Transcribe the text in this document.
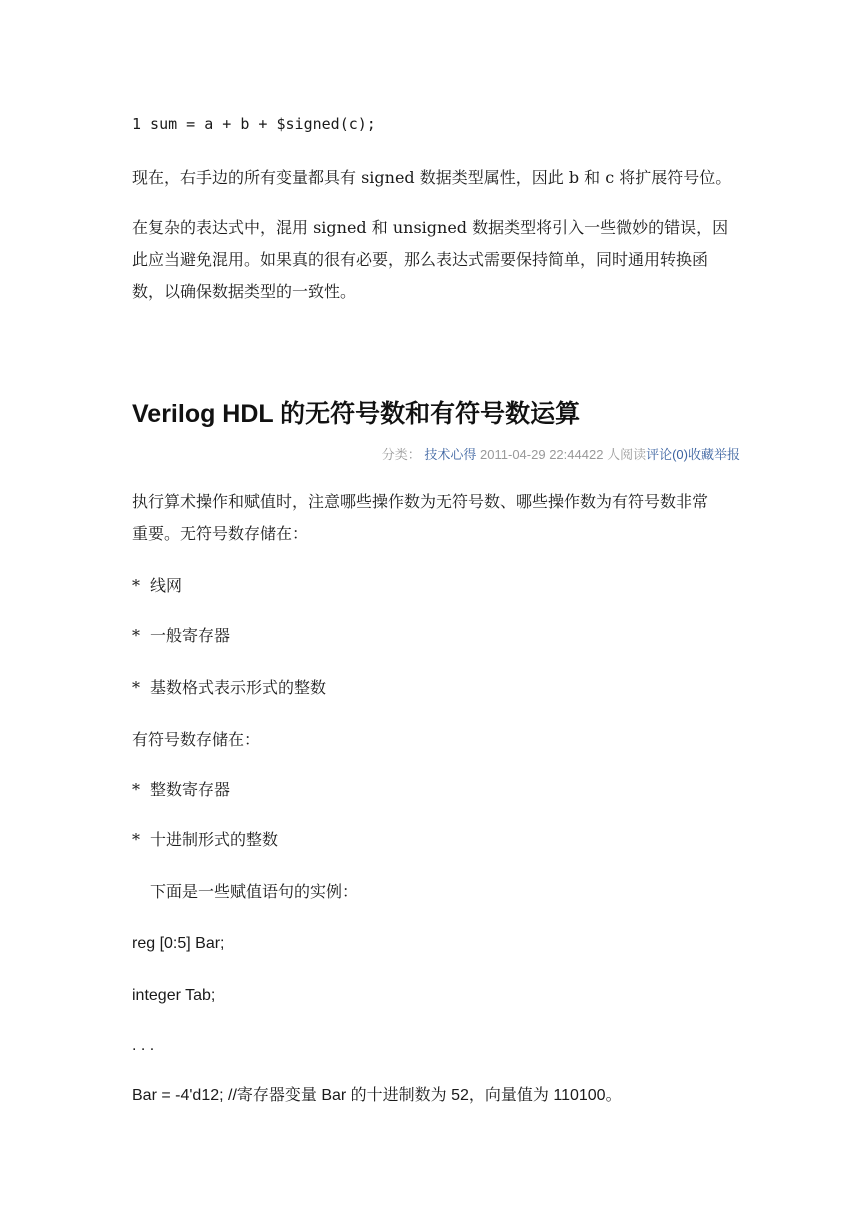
1 sum = a + b + $signed(c);
现在，右手边的所有变量都具有 signed 数据类型属性，因此 b 和 c 将扩展符号位。
在复杂的表达式中，混用 signed 和 unsigned 数据类型将引入一些微妙的错误，因
此应当避免混用。如果真的很有必要，那么表达式需要保持简单，同时通用转换函
数，以确保数据类型的一致性。
Verilog HDL 的无符号数和有符号数运算
分类： 技术心得 2011-04-29 22:44422 人阅读评论(0)收藏举报
执行算术操作和赋值时，注意哪些操作数为无符号数、哪些操作数为有符号数非常
重要。无符号数存储在：
* 线网
* 一般寄存器
* 基数格式表示形式的整数
有符号数存储在：
* 整数寄存器
* 十进制形式的整数
下面是一些赋值语句的实例：
reg [0:5] Bar;
integer Tab;
. . .
Bar = -4'd12; //寄存器变量 Bar 的十进制数为 52，向量值为 110100。
